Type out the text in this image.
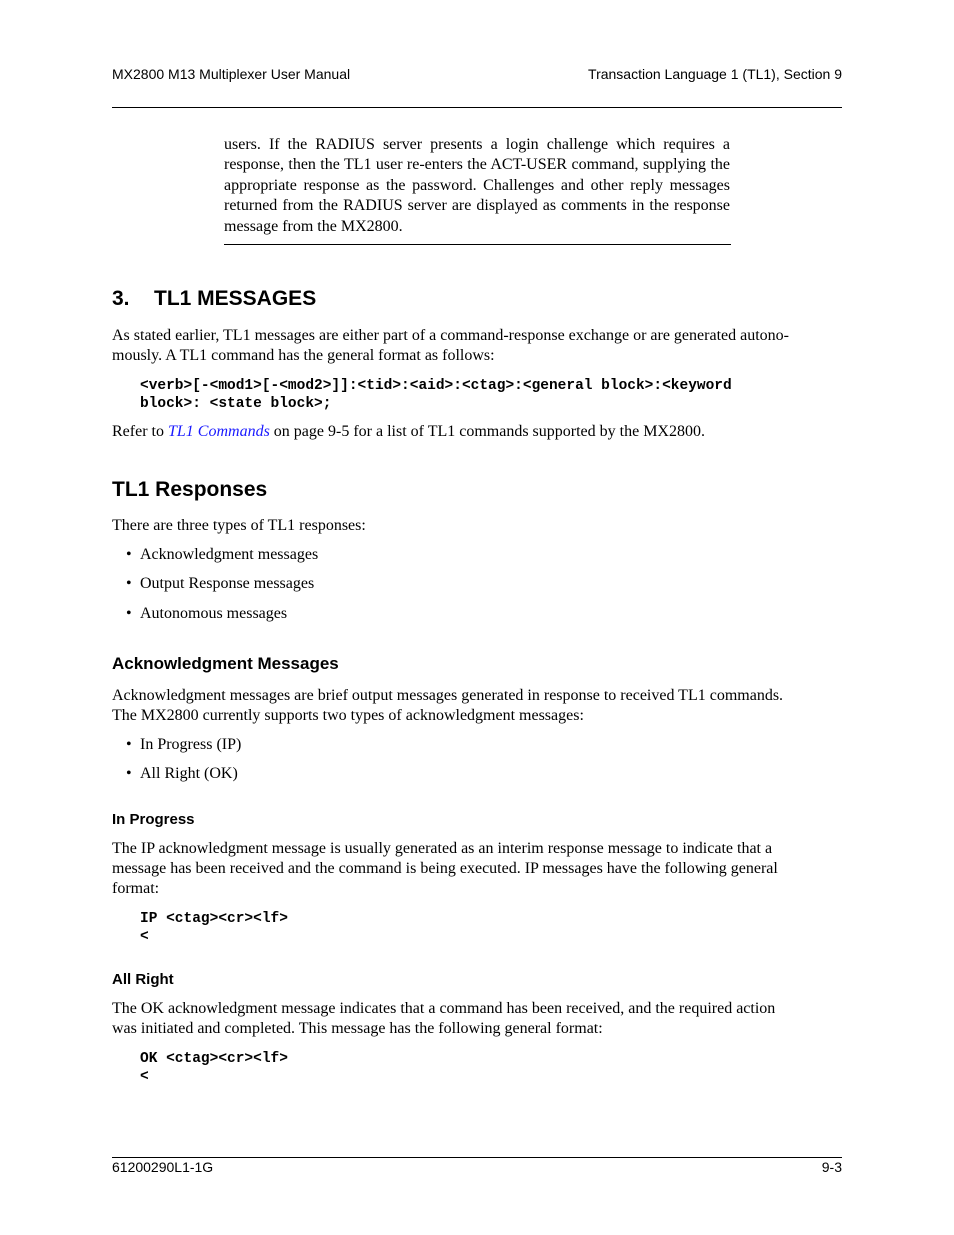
MX2800 M13 Multiplexer User Manual	Transaction Language 1 (TL1), Section 9
users. If the RADIUS server presents a login challenge which requires a response, then the TL1 user re-enters the ACT-USER command, supplying the appropriate response as the password. Challenges and other reply messages returned from the RADIUS server are displayed as comments in the response message from the MX2800.
3. TL1 MESSAGES
As stated earlier, TL1 messages are either part of a command-response exchange or are generated autono-
mously. A TL1 command has the general format as follows:
<verb>[-<mod1>[-<mod2>]]:<tid>:<aid>:<ctag>:<general block>:<keyword
block>: <state block>;
Refer to TL1 Commands on page 9-5 for a list of TL1 commands supported by the MX2800.
TL1 Responses
There are three types of TL1 responses:
• Acknowledgment messages
• Output Response messages
• Autonomous messages
Acknowledgment Messages
Acknowledgment messages are brief output messages generated in response to received TL1 commands.
The MX2800 currently supports two types of acknowledgment messages:
• In Progress (IP)
• All Right (OK)
In Progress
The IP acknowledgment message is usually generated as an interim response message to indicate that a
message has been received and the command is being executed. IP messages have the following general
format:
IP <ctag><cr><lf>
<
All Right
The OK acknowledgment message indicates that a command has been received, and the required action
was initiated and completed. This message has the following general format:
OK <ctag><cr><lf>
<
61200290L1-1G	9-3
